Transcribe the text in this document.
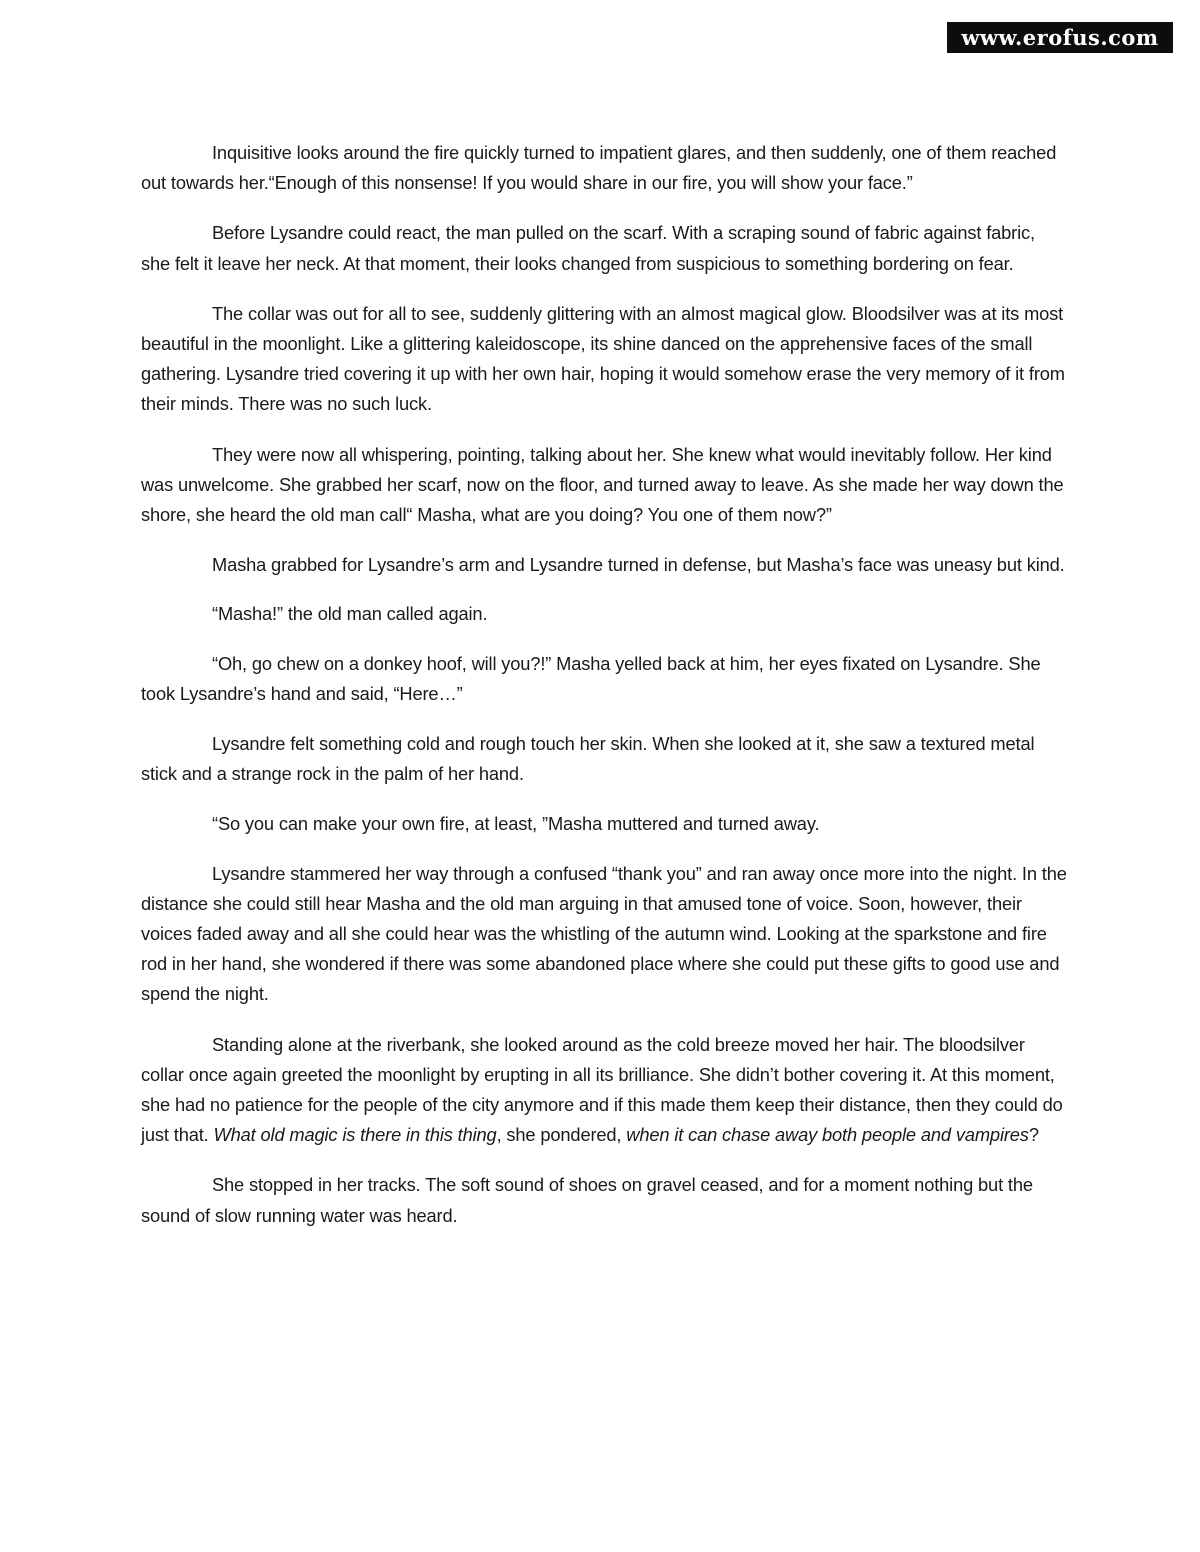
www.erofus.com

Inquisitive looks around the fire quickly turned to impatient glares, and then suddenly, one of them reached out towards her.“Enough of this nonsense! If you would share in our fire, you will show your face.”

Before Lysandre could react, the man pulled on the scarf. With a scraping sound of fabric against fabric, she felt it leave her neck. At that moment, their looks changed from suspicious to something bordering on fear.

The collar was out for all to see, suddenly glittering with an almost magical glow. Bloodsilver was at its most beautiful in the moonlight. Like a glittering kaleidoscope, its shine danced on the apprehensive faces of the small gathering. Lysandre tried covering it up with her own hair, hoping it would somehow erase the very memory of it from their minds. There was no such luck.

They were now all whispering, pointing, talking about her. She knew what would inevitably follow. Her kind was unwelcome. She grabbed her scarf, now on the floor, and turned away to leave. As she made her way down the shore, she heard the old man call“ Masha, what are you doing? You one of them now?”

Masha grabbed for Lysandre’s arm and Lysandre turned in defense, but Masha’s face was uneasy but kind.

“Masha!” the old man called again.

“Oh, go chew on a donkey hoof, will you?!” Masha yelled back at him, her eyes fixated on Lysandre. She took Lysandre’s hand and said, “Here…”

Lysandre felt something cold and rough touch her skin. When she looked at it, she saw a textured metal stick and a strange rock in the palm of her hand.

“So you can make your own fire, at least, ”Masha muttered and turned away.

Lysandre stammered her way through a confused “thank you” and ran away once more into the night. In the distance she could still hear Masha and the old man arguing in that amused tone of voice. Soon, however, their voices faded away and all she could hear was the whistling of the autumn wind. Looking at the sparkstone and fire rod in her hand, she wondered if there was some abandoned place where she could put these gifts to good use and spend the night.

Standing alone at the riverbank, she looked around as the cold breeze moved her hair. The bloodsilver collar once again greeted the moonlight by erupting in all its brilliance. She didn’t bother covering it. At this moment, she had no patience for the people of the city anymore and if this made them keep their distance, then they could do just that. What old magic is there in this thing, she pondered, when it can chase away both people and vampires?

She stopped in her tracks. The soft sound of shoes on gravel ceased, and for a moment nothing but the sound of slow running water was heard.
